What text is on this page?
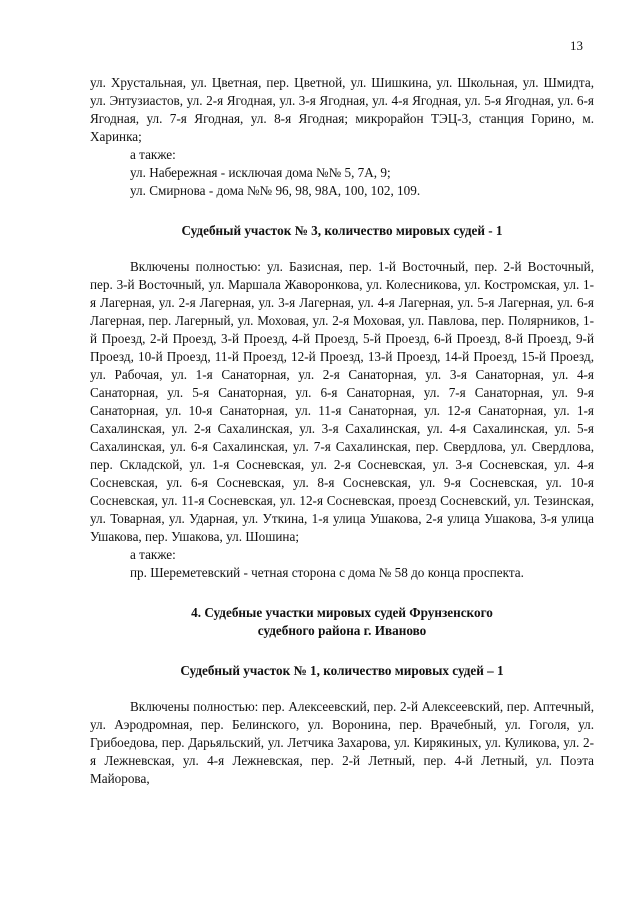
13

ул. Хрустальная, ул. Цветная, пер. Цветной, ул. Шишкина, ул. Школьная, ул. Шмидта, ул. Энтузиастов, ул. 2-я Ягодная, ул. 3-я Ягодная, ул. 4-я Ягодная, ул. 5-я Ягодная, ул. 6-я Ягодная, ул. 7-я Ягодная, ул. 8-я Ягодная; микрорайон ТЭЦ-3, станция Горино, м. Харинка;

а также:

ул. Набережная - исключая дома №№ 5, 7А, 9;

ул. Смирнова - дома №№ 96, 98, 98А, 100, 102, 109.

Судебный участок № 3, количество мировых судей - 1

Включены полностью: ул. Базисная, пер. 1-й Восточный, пер. 2-й Восточный, пер. 3-й Восточный, ул. Маршала Жаворонкова, ул. Колесникова, ул. Костромская, ул. 1-я Лагерная, ул. 2-я Лагерная, ул. 3-я Лагерная, ул. 4-я Лагерная, ул. 5-я Лагерная, ул. 6-я Лагерная, пер. Лагерный, ул. Моховая, ул. 2-я Моховая, ул. Павлова, пер. Полярников, 1-й Проезд, 2-й Проезд, 3-й Проезд, 4-й Проезд, 5-й Проезд, 6-й Проезд, 8-й Проезд, 9-й Проезд, 10-й Проезд, 11-й Проезд, 12-й Проезд, 13-й Проезд, 14-й Проезд, 15-й Проезд, ул. Рабочая, ул. 1-я Санаторная, ул. 2-я Санаторная, ул. 3-я Санаторная, ул. 4-я Санаторная, ул. 5-я Санаторная, ул. 6-я Санаторная, ул. 7-я Санаторная, ул. 9-я Санаторная, ул. 10-я Санаторная, ул. 11-я Санаторная, ул. 12-я Санаторная, ул. 1-я Сахалинская, ул. 2-я Сахалинская, ул. 3-я Сахалинская, ул. 4-я Сахалинская, ул. 5-я Сахалинская, ул. 6-я Сахалинская, ул. 7-я Сахалинская, пер. Свердлова, ул. Свердлова, пер. Складской, ул. 1-я Сосневская, ул. 2-я Сосневская, ул. 3-я Сосневская, ул. 4-я Сосневская, ул. 6-я Сосневская, ул. 8-я Сосневская, ул. 9-я Сосневская, ул. 10-я Сосневская, ул. 11-я Сосневская, ул. 12-я Сосневская, проезд Сосневский, ул. Тезинская, ул. Товарная, ул. Ударная, ул. Уткина, 1-я улица Ушакова, 2-я улица Ушакова, 3-я улица Ушакова, пер. Ушакова, ул. Шошина;

а также:

пр. Шереметевский - четная сторона с дома № 58 до конца проспекта.

4. Судебные участки мировых судей Фрунзенского
судебного района г. Иваново

Судебный участок № 1, количество мировых судей – 1

Включены полностью: пер. Алексеевский, пер. 2-й Алексеевский, пер. Аптечный, ул. Аэродромная, пер. Белинского, ул. Воронина, пер. Врачебный, ул. Гоголя, ул. Грибоедова, пер. Дарьяльский, ул. Летчика Захарова, ул. Кирякиных, ул. Куликова, ул. 2-я Лежневская, ул. 4-я Лежневская, пер. 2-й Летный, пер. 4-й Летный, ул. Поэта Майорова,
